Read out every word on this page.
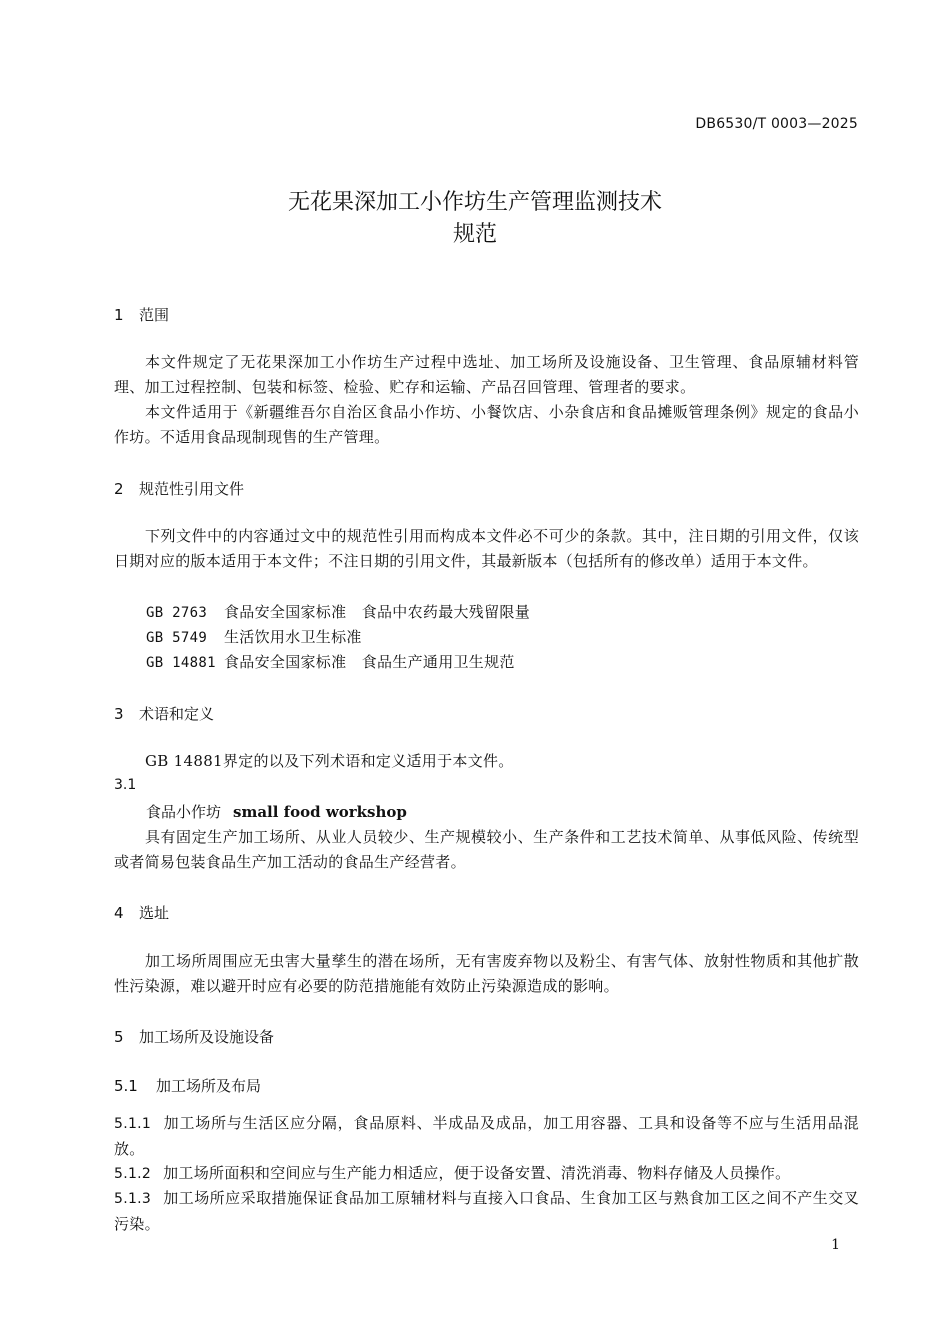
DB6530/T 0003—2025
无花果深加工小作坊生产管理监测技术
规范
1 范围
本文件规定了无花果深加工小作坊生产过程中选址、加工场所及设施设备、卫生管理、食品原辅材料管理、加工过程控制、包装和标签、检验、贮存和运输、产品召回管理、管理者的要求。
本文件适用于《新疆维吾尔自治区食品小作坊、小餐饮店、小杂食店和食品摊贩管理条例》规定的食品小作坊。不适用食品现制现售的生产管理。
2 规范性引用文件
下列文件中的内容通过文中的规范性引用而构成本文件必不可少的条款。其中，注日期的引用文件，仅该日期对应的版本适用于本文件；不注日期的引用文件，其最新版本（包括所有的修改单）适用于本文件。
GB 2763 食品安全国家标准　食品中农药最大残留限量
GB 5749 生活饮用水卫生标准
GB 14881 食品安全国家标准　食品生产通用卫生规范
3 术语和定义
GB 14881界定的以及下列术语和定义适用于本文件。
3.1
食品小作坊 small food workshop
具有固定生产加工场所、从业人员较少、生产规模较小、生产条件和工艺技术简单、从事低风险、传统型或者简易包装食品生产加工活动的食品生产经营者。
4 选址
加工场所周围应无虫害大量孳生的潜在场所，无有害废弃物以及粉尘、有害气体、放射性物质和其他扩散性污染源，难以避开时应有必要的防范措施能有效防止污染源造成的影响。
5 加工场所及设施设备
5.1 加工场所及布局
5.1.1 加工场所与生活区应分隔，食品原料、半成品及成品，加工用容器、工具和设备等不应与生活用品混放。
5.1.2 加工场所面积和空间应与生产能力相适应，便于设备安置、清洗消毒、物料存储及人员操作。
5.1.3 加工场所应采取措施保证食品加工原辅材料与直接入口食品、生食加工区与熟食加工区之间不产生交叉污染。
1
